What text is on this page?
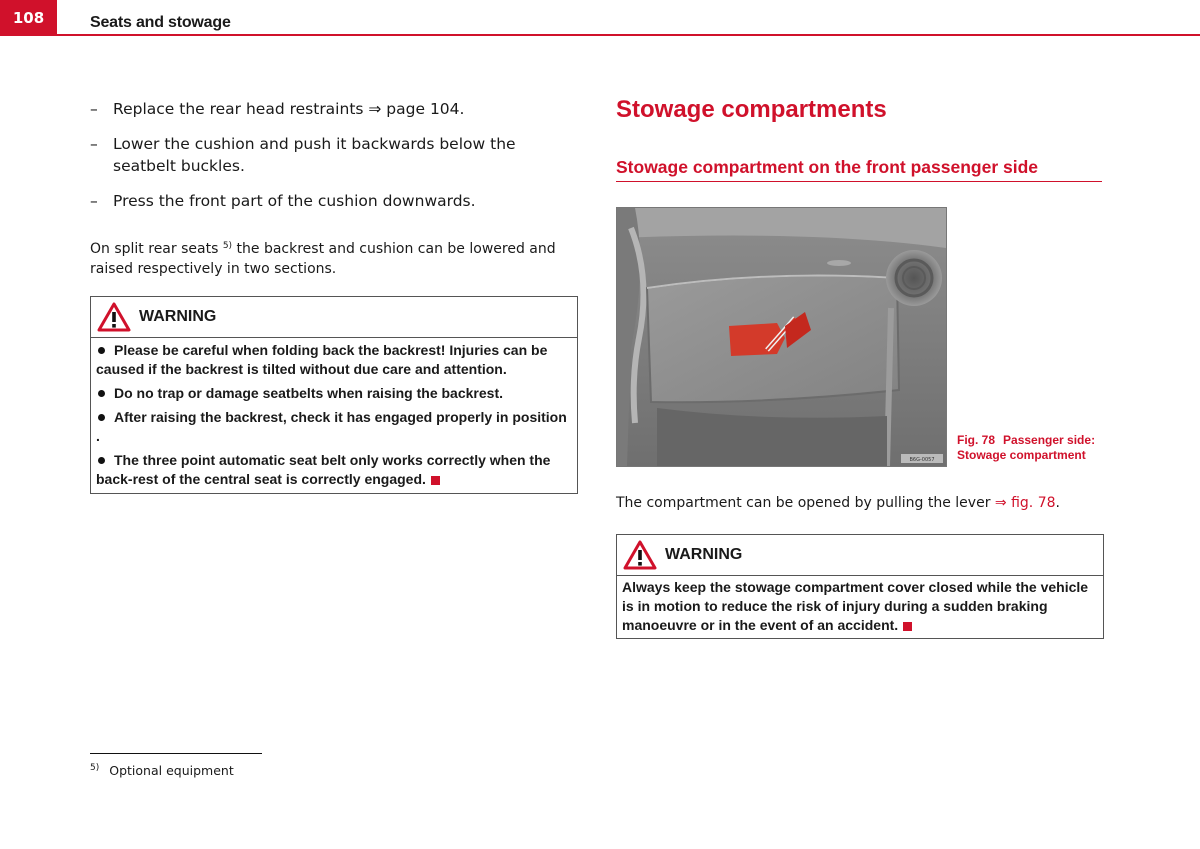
108	Seats and stowage
– Replace the rear head restraints ⇒ page 104.
– Lower the cushion and push it backwards below the seatbelt buckles.
– Press the front part of the cushion downwards.
On split rear seats $^{5)}$ the backrest and cushion can be lowered and raised respectively in two sections.
WARNING
Please be careful when folding back the backrest! Injuries can be caused if the backrest is tilted without due care and attention.
Do no trap or damage seatbelts when raising the backrest.
After raising the backrest, check it has engaged properly in position .
The three point automatic seat belt only works correctly when the back-rest of the central seat is correctly engaged.
Stowage compartments
Stowage compartment on the front passenger side
B6G-0057
Fig. 78 Passenger side:
Stowage compartment
The compartment can be opened by pulling the lever ⇒ fig. 78.
WARNING
Always keep the stowage compartment cover closed while the vehicle is in motion to reduce the risk of injury during a sudden braking manoeuvre or in the event of an accident.
$^{5)}$ Optional equipment
